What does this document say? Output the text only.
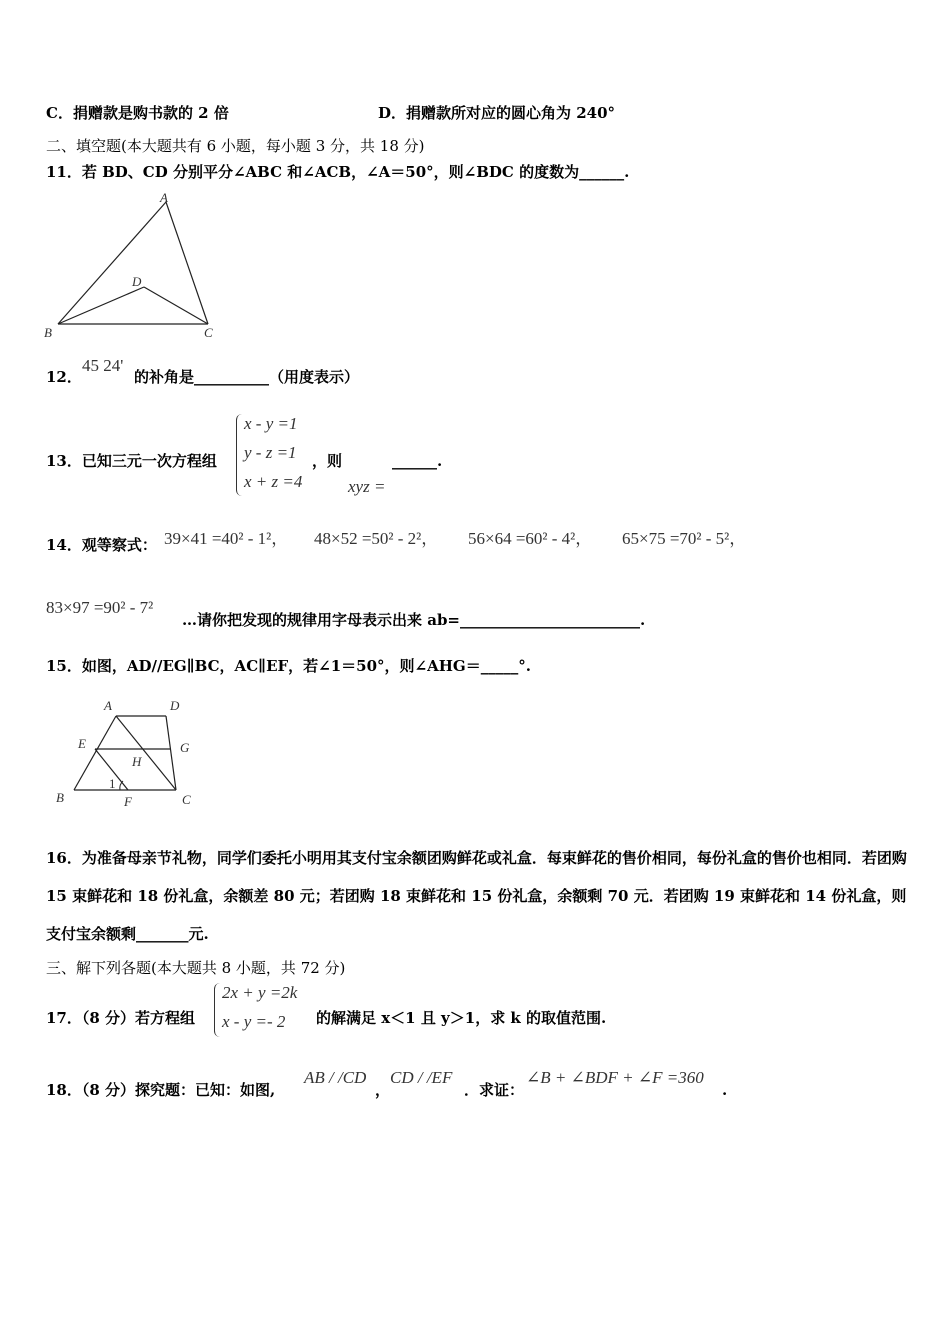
C．捐赠款是购书款的 2 倍	D．捐赠款所对应的圆心角为 240°
二、填空题(本大题共有 6 小题，每小题 3 分，共 18 分)
11．若 BD、CD 分别平分∠ABC 和∠ACB，∠A＝50°，则∠BDC 的度数为______.
A
D
B	C
12．
45 24'
的补角是__________（用度表示）
13．已知三元一次方程组
x - y =1
y - z =1
x + z =4
，则
xyz =
______.
14．观等察式： 39×41 =40² - 1²， 48×52 =50² - 2²， 56×64 =60² - 4²， 65×75 =70² - 5²，
83×97 =90² - 7²
…请你把发现的规律用字母表示出来 ab=________________________.
15．如图，AD//EG∥BC，AC∥EF，若∠1＝50°，则∠AHG＝_____°.
A	D
E	G
H
1
B	F	C
16．为准备母亲节礼物，同学们委托小明用其支付宝余额团购鲜花或礼盒．每束鲜花的售价相同，每份礼盒的售价也相同．若团购 15 束鲜花和 18 份礼盒，余额差 80 元；若团购 18 束鲜花和 15 份礼盒，余额剩 70 元．若团购 19 束鲜花和 14 份礼盒，则支付宝余额剩_______元.
三、解下列各题(本大题共 8 小题，共 72 分)
17．（8 分）若方程组
2x + y =2k
x - y =- 2 的解满足 x＜1 且 y＞1，求 k 的取值范围.
18．（8 分）探究题：已知：如图,
AB / /CD
，
CD / /EF
．求证：
∠B + ∠BDF + ∠F =360
.
